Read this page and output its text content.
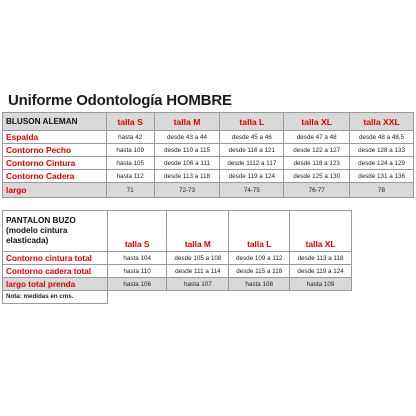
Uniforme Odontología HOMBRE
BLUSON ALEMAN	talla S	talla M	talla L	talla XL	talla XXL
Espalda	hasta 42	desde 43 a 44	desde 45 a 46	desde 47 a 48	desde 48 a 48,5
Contorno Pecho	hasta 109	desde 110 a 115	desde 116 a 121	desde 122 a 127	desde 128 a 133
Contorno Cintura	hasta 105	desde 106 a 111	desde 1112 a 117	desde 118 a 123	desde 124 a 129
Contorno Cadera	hasta 112	desde 113 a 118	desde 119 a 124	desde 125 a 130	desde 131 a 136
largo	71	72-73	74-75	76-77	78
PANTALON BUZO (modelo cintura elasticada)	talla S	talla M	talla L	talla XL
Contorno cintura total	hasta 104	desde 105 a 108	desde 109 a 112	desde 113 a 118
Contorno cadera total	hasta 110	desde 111 a 114	desde 115 a 118	desde 119 a 124
largo total prenda	hasta 106	hasta 107	hasta 108	hasta 109
Nota: medidas en cms.				
